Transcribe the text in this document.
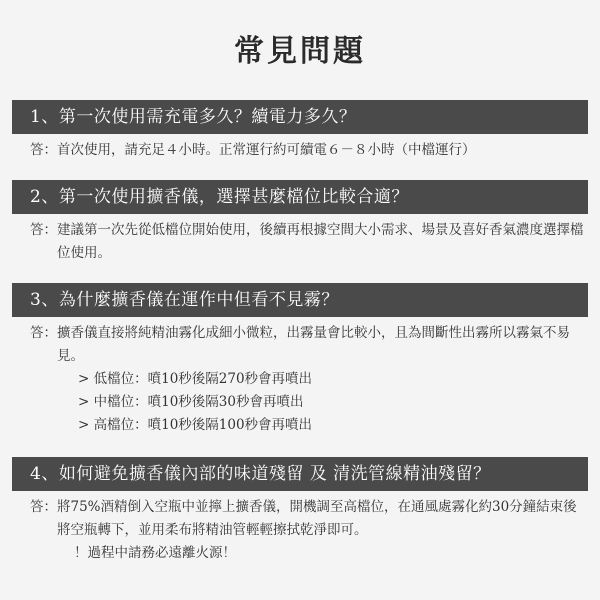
常見問題
1、第一次使用需充電多久？續電力多久？
答： 首次使用，請充足４小時。正常運行約可續電６－８小時（中檔運行）
2、第一次使用擴香儀，選擇甚麼檔位比較合適？
答： 建議第一次先從低檔位開始使用，後續再根據空間大小需求、場景及喜好香氣濃度選擇檔位使用。
3、為什麼擴香儀在運作中但看不見霧？
答： 擴香儀直接將純精油霧化成細小微粒，出霧量會比較小，且為間斷性出霧所以霧氣不易見。
> 低檔位：噴10秒後隔270秒會再噴出
> 中檔位：噴10秒後隔30秒會再噴出
> 高檔位：噴10秒後隔100秒會再噴出
4、如何避免擴香儀內部的味道殘留 及 清洗管線精油殘留？
答： 將75%酒精倒入空瓶中並擰上擴香儀，開機調至高檔位，在通風處霧化約30分鐘結束後將空瓶轉下，並用柔布將精油管輕輕擦拭乾淨即可。
！過程中請務必遠離火源！
